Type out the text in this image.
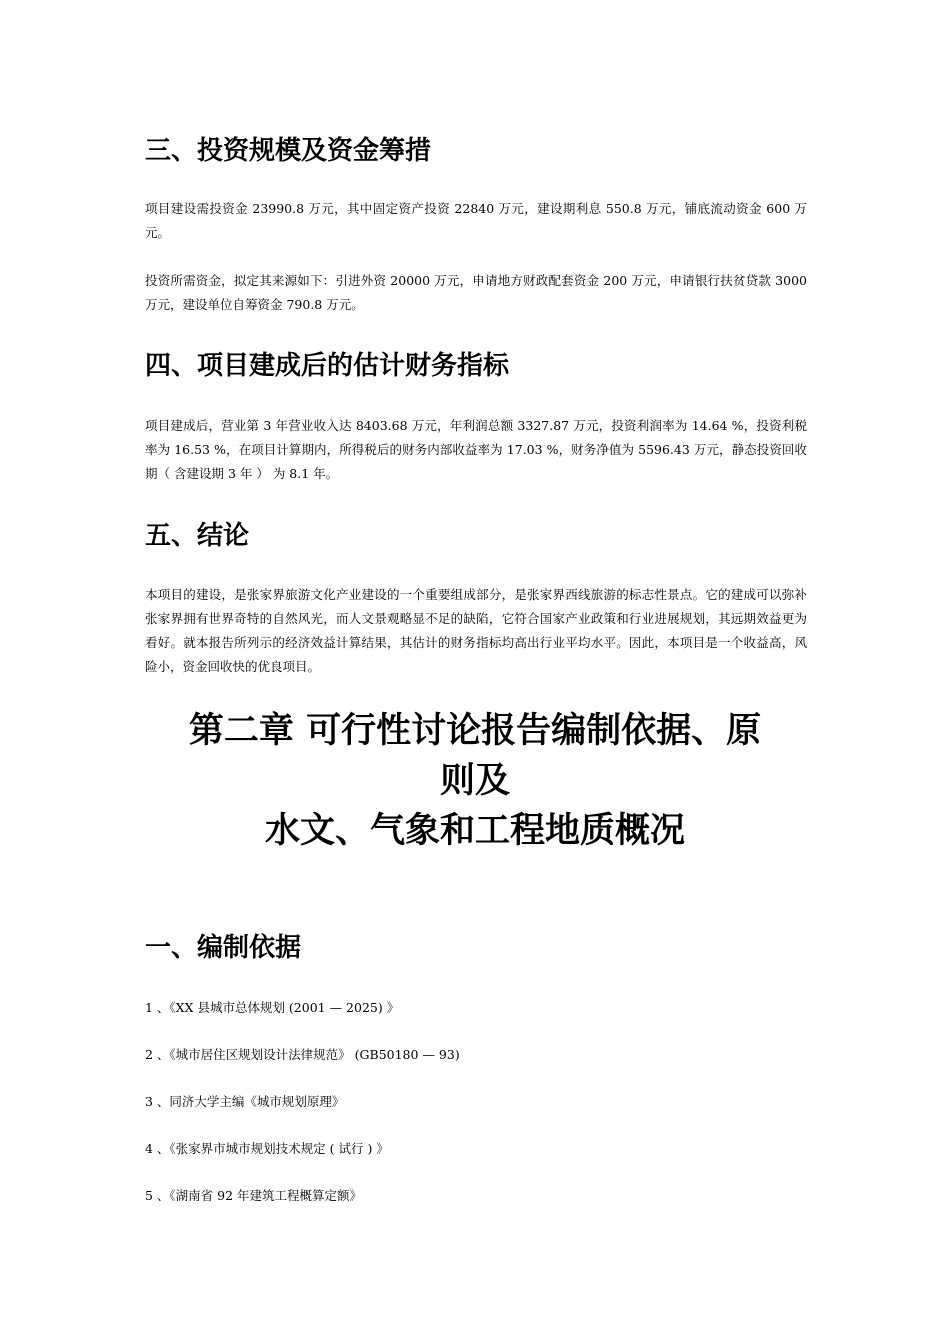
三、投资规模及资金筹措

项目建设需投资金 23990.8 万元，其中固定资产投资 22840 万元，建设期利息 550.8 万元，铺底流动资金 600 万元。

投资所需资金，拟定其来源如下：引进外资 20000 万元，申请地方财政配套资金 200 万元，申请银行扶贫贷款 3000 万元，建设单位自筹资金 790.8 万元。

四、项目建成后的估计财务指标

项目建成后，营业第 3 年营业收入达 8403.68 万元，年利润总额 3327.87 万元，投资利润率为 14.64 %，投资利税率为 16.53 %，在项目计算期内，所得税后的财务内部收益率为 17.03 %，财务净值为 5596.43 万元，静态投资回收期（ 含建设期 3 年 ） 为 8.1 年。

五、结论

本项目的建设，是张家界旅游文化产业建设的一个重要组成部分，是张家界西线旅游的标志性景点。它的建成可以弥补张家界拥有世界奇特的自然风光，而人文景观略显不足的缺陷，它符合国家产业政策和行业进展规划，其远期效益更为看好。就本报告所列示的经济效益计算结果，其估计的财务指标均高出行业平均水平。因此，本项目是一个收益高，风险小，资金回收快的优良项目。

第二章 可行性讨论报告编制依据、原
则及
水文、气象和工程地质概况
一、编制依据

1 、《XX 县城市总体规划 (2001 — 2025) 》

2 、《城市居住区规划设计法律规范》 (GB50180 — 93)

3 、同济大学主编《城市规划原理》

4 、《张家界市城市规划技术规定 ( 试行 ) 》

5 、《湖南省 92 年建筑工程概算定额》
